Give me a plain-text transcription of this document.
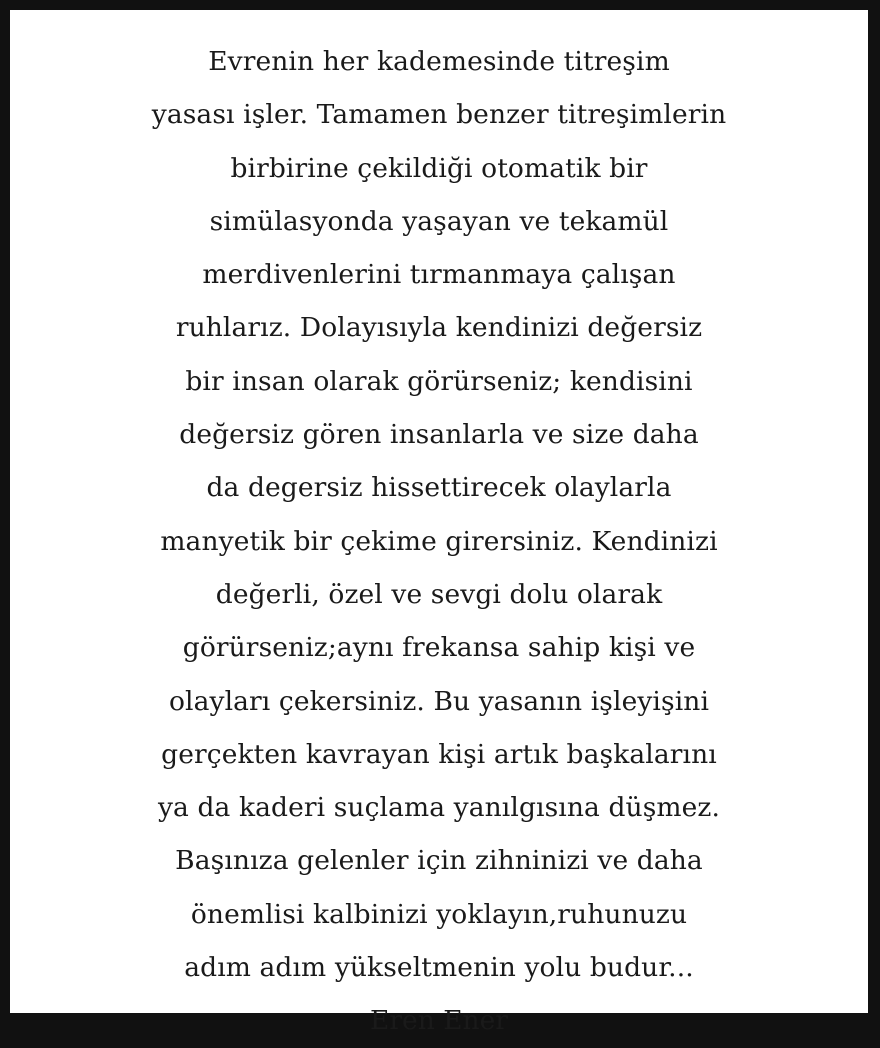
Evrenin her kademesinde titreşim
yasası işler. Tamamen benzer titreşimlerin
birbirine çekildiği otomatik bir
simülasyonda yaşayan ve tekamül
merdivenlerini tırmanmaya çalışan
ruhlarız. Dolayısıyla kendinizi değersiz
bir insan olarak görürseniz; kendisini
değersiz gören insanlarla ve size daha
da degersiz hissettirecek olaylarla
manyetik bir çekime girersiniz. Kendinizi
değerli, özel ve sevgi dolu olarak
görürseniz;aynı frekansa sahip kişi ve
olayları çekersiniz. Bu yasanın işleyişini
gerçekten kavrayan kişi artık başkalarını
ya da kaderi suçlama yanılgısına düşmez.
Başınıza gelenler için zihninizi ve daha
önemlisi kalbinizi yoklayın,ruhunuzu
adım adım yükseltmenin yolu budur...
Eren Ener
